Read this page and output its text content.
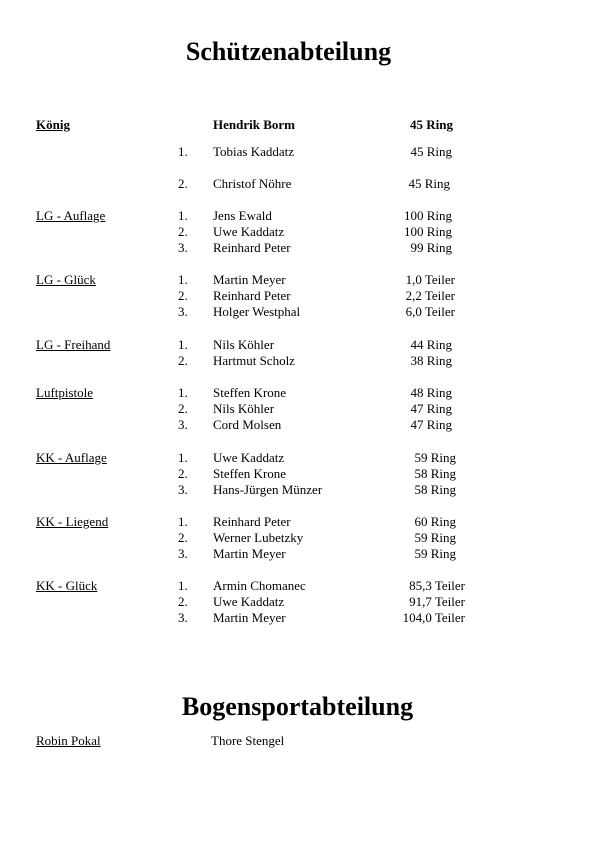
Schützenabteilung
König	Hendrik Borm	45 Ring
1. Tobias Kaddatz	45 Ring
2. Christof Nöhre	45 Ring
LG - Auflage	1. Jens Ewald	100 Ring
2. Uwe Kaddatz	100 Ring
3. Reinhard Peter	99 Ring
LG - Glück	1. Martin Meyer	1,0 Teiler
2. Reinhard Peter	2,2 Teiler
3. Holger Westphal	6,0 Teiler
LG - Freihand	1. Nils Köhler	44 Ring
2. Hartmut Scholz	38 Ring
Luftpistole	1. Steffen Krone	48 Ring
2. Nils Köhler	47 Ring
3. Cord Molsen	47 Ring
KK - Auflage	1. Uwe Kaddatz	59 Ring
2. Steffen Krone	58 Ring
3. Hans-Jürgen Münzer	58 Ring
KK - Liegend	1. Reinhard Peter	60 Ring
2. Werner Lubetzky	59 Ring
3. Martin Meyer	59 Ring
KK - Glück	1. Armin Chomanec	85,3 Teiler
2. Uwe Kaddatz	91,7 Teiler
3. Martin Meyer	104,0 Teiler
Bogensportabteilung
Robin Pokal	Thore Stengel
